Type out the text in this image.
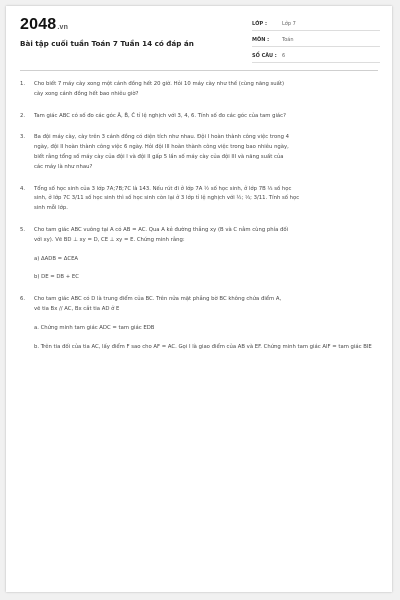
2048.vn
Bài tập cuối tuần Toán 7 Tuần 14 có đáp án
LỚP :	Lớp 7
MÔN :	Toán
SỐ CÂU :	6
1.	Cho biết 7 máy cày xong một cánh đồng hết 20 giờ. Hỏi 10 máy cày như thế (cùng năng suất)

cày xong cánh đồng hết bao nhiêu giờ?

2.	Tam giác ABC có số đo các góc Â, B̂, Ĉ tỉ lệ nghịch với 3, 4, 6. Tính số đo các góc của tam giác?

3.	Ba đội máy cày, cày trên 3 cánh đồng có diện tích như nhau. Đội I hoàn thành công việc trong 4

ngày, đội II hoàn thành công việc 6 ngày. Hỏi đội III hoàn thành công việc trong bao nhiêu ngày,

biết rằng tổng số máy cày của đội I và đội II gấp 5 lần số máy cày của đội III và năng suất của

các máy là như nhau?

4.	Tổng số học sinh của 3 lớp 7A;7B;7C là 143. Nếu rút đi ở lớp 7A ½ số học sinh, ở lớp 7B ⅓ số học

sinh, ở lớp 7C 3/11 số học sinh thì số học sinh còn lại ở 3 lớp tỉ lệ nghịch với ½; ⅓; 3/11. Tính số học

sinh mỗi lớp.

5.	Cho tam giác ABC vuông tại A có AB = AC. Qua A kẻ đường thẳng xy (B và C nằm cùng phía đối

với xy). Vẽ BD ⊥ xy = D, CE ⊥ xy = E. Chứng minh rằng:

a) ΔADB = ΔCEA

b) DE = DB + EC

6.	Cho tam giác ABC có D là trung điểm của BC. Trên nửa mặt phẳng bờ BC không chứa điểm A,

vẽ tia Bx // AC, Bx cắt tia AD ở E

a. Chứng minh tam giác ADC = tam giác EDB

b. Trên tia đối của tia AC, lấy điểm F sao cho AF = AC. Gọi I là giao điểm của AB và EF. Chứng minh tam giác AIF = tam giác BIE
